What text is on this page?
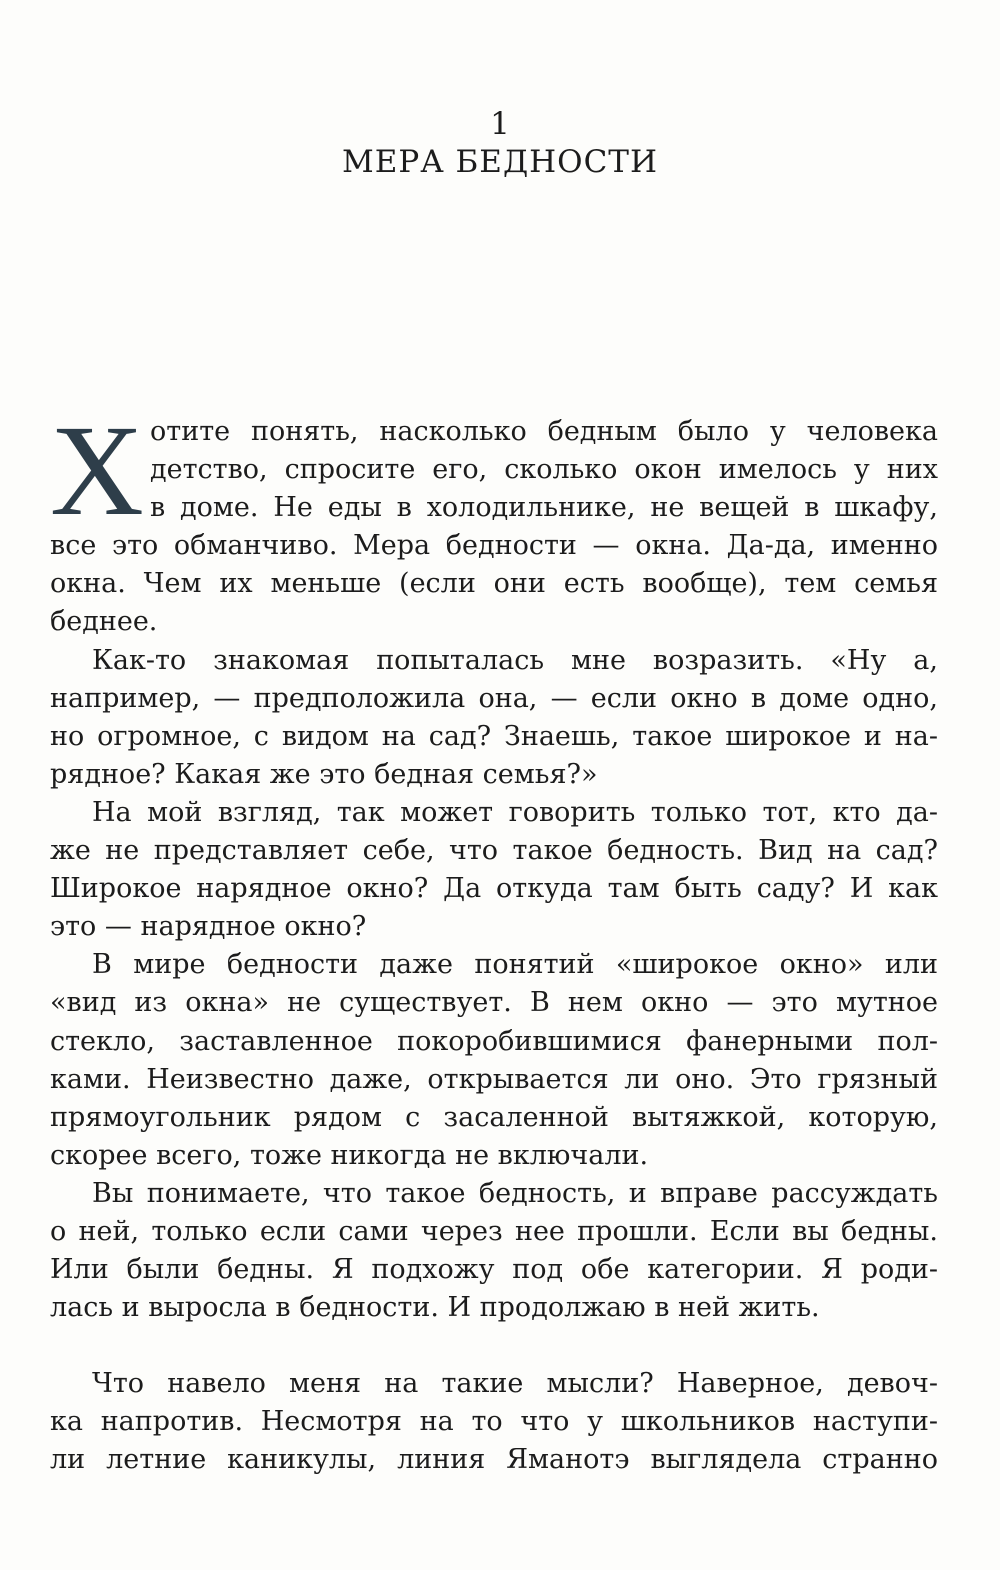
1
МЕРА БЕДНОСТИ
Х отите понять, насколько бедным было у человека
детство, спросите его, сколько окон имелось у них
в доме. Не еды в холодильнике, не вещей в шкафу,
все это обманчиво. Мера бедности — окна. Да-да, именно
окна. Чем их меньше (если они есть вообще), тем семья
беднее.
Как-то знакомая попыталась мне возразить. «Ну а,
например, — предположила она, — если окно в доме одно,
но огромное, с видом на сад? Знаешь, такое широкое и на-
рядное? Какая же это бедная семья?»
На мой взгляд, так может говорить только тот, кто да-
же не представляет себе, что такое бедность. Вид на сад?
Широкое нарядное окно? Да откуда там быть саду? И как
это — нарядное окно?
В мире бедности даже понятий «широкое окно» или
«вид из окна» не существует. В нем окно — это мутное
стекло, заставленное покоробившимися фанерными пол-
ками. Неизвестно даже, открывается ли оно. Это грязный
прямоугольник рядом с засаленной вытяжкой, которую,
скорее всего, тоже никогда не включали.
Вы понимаете, что такое бедность, и вправе рассуждать
о ней, только если сами через нее прошли. Если вы бедны.
Или были бедны. Я подхожу под обе категории. Я роди-
лась и выросла в бедности. И продолжаю в ней жить.
Что навело меня на такие мысли? Наверное, девоч-
ка напротив. Несмотря на то что у школьников наступи-
ли летние каникулы, линия Яманотэ выглядела странно
